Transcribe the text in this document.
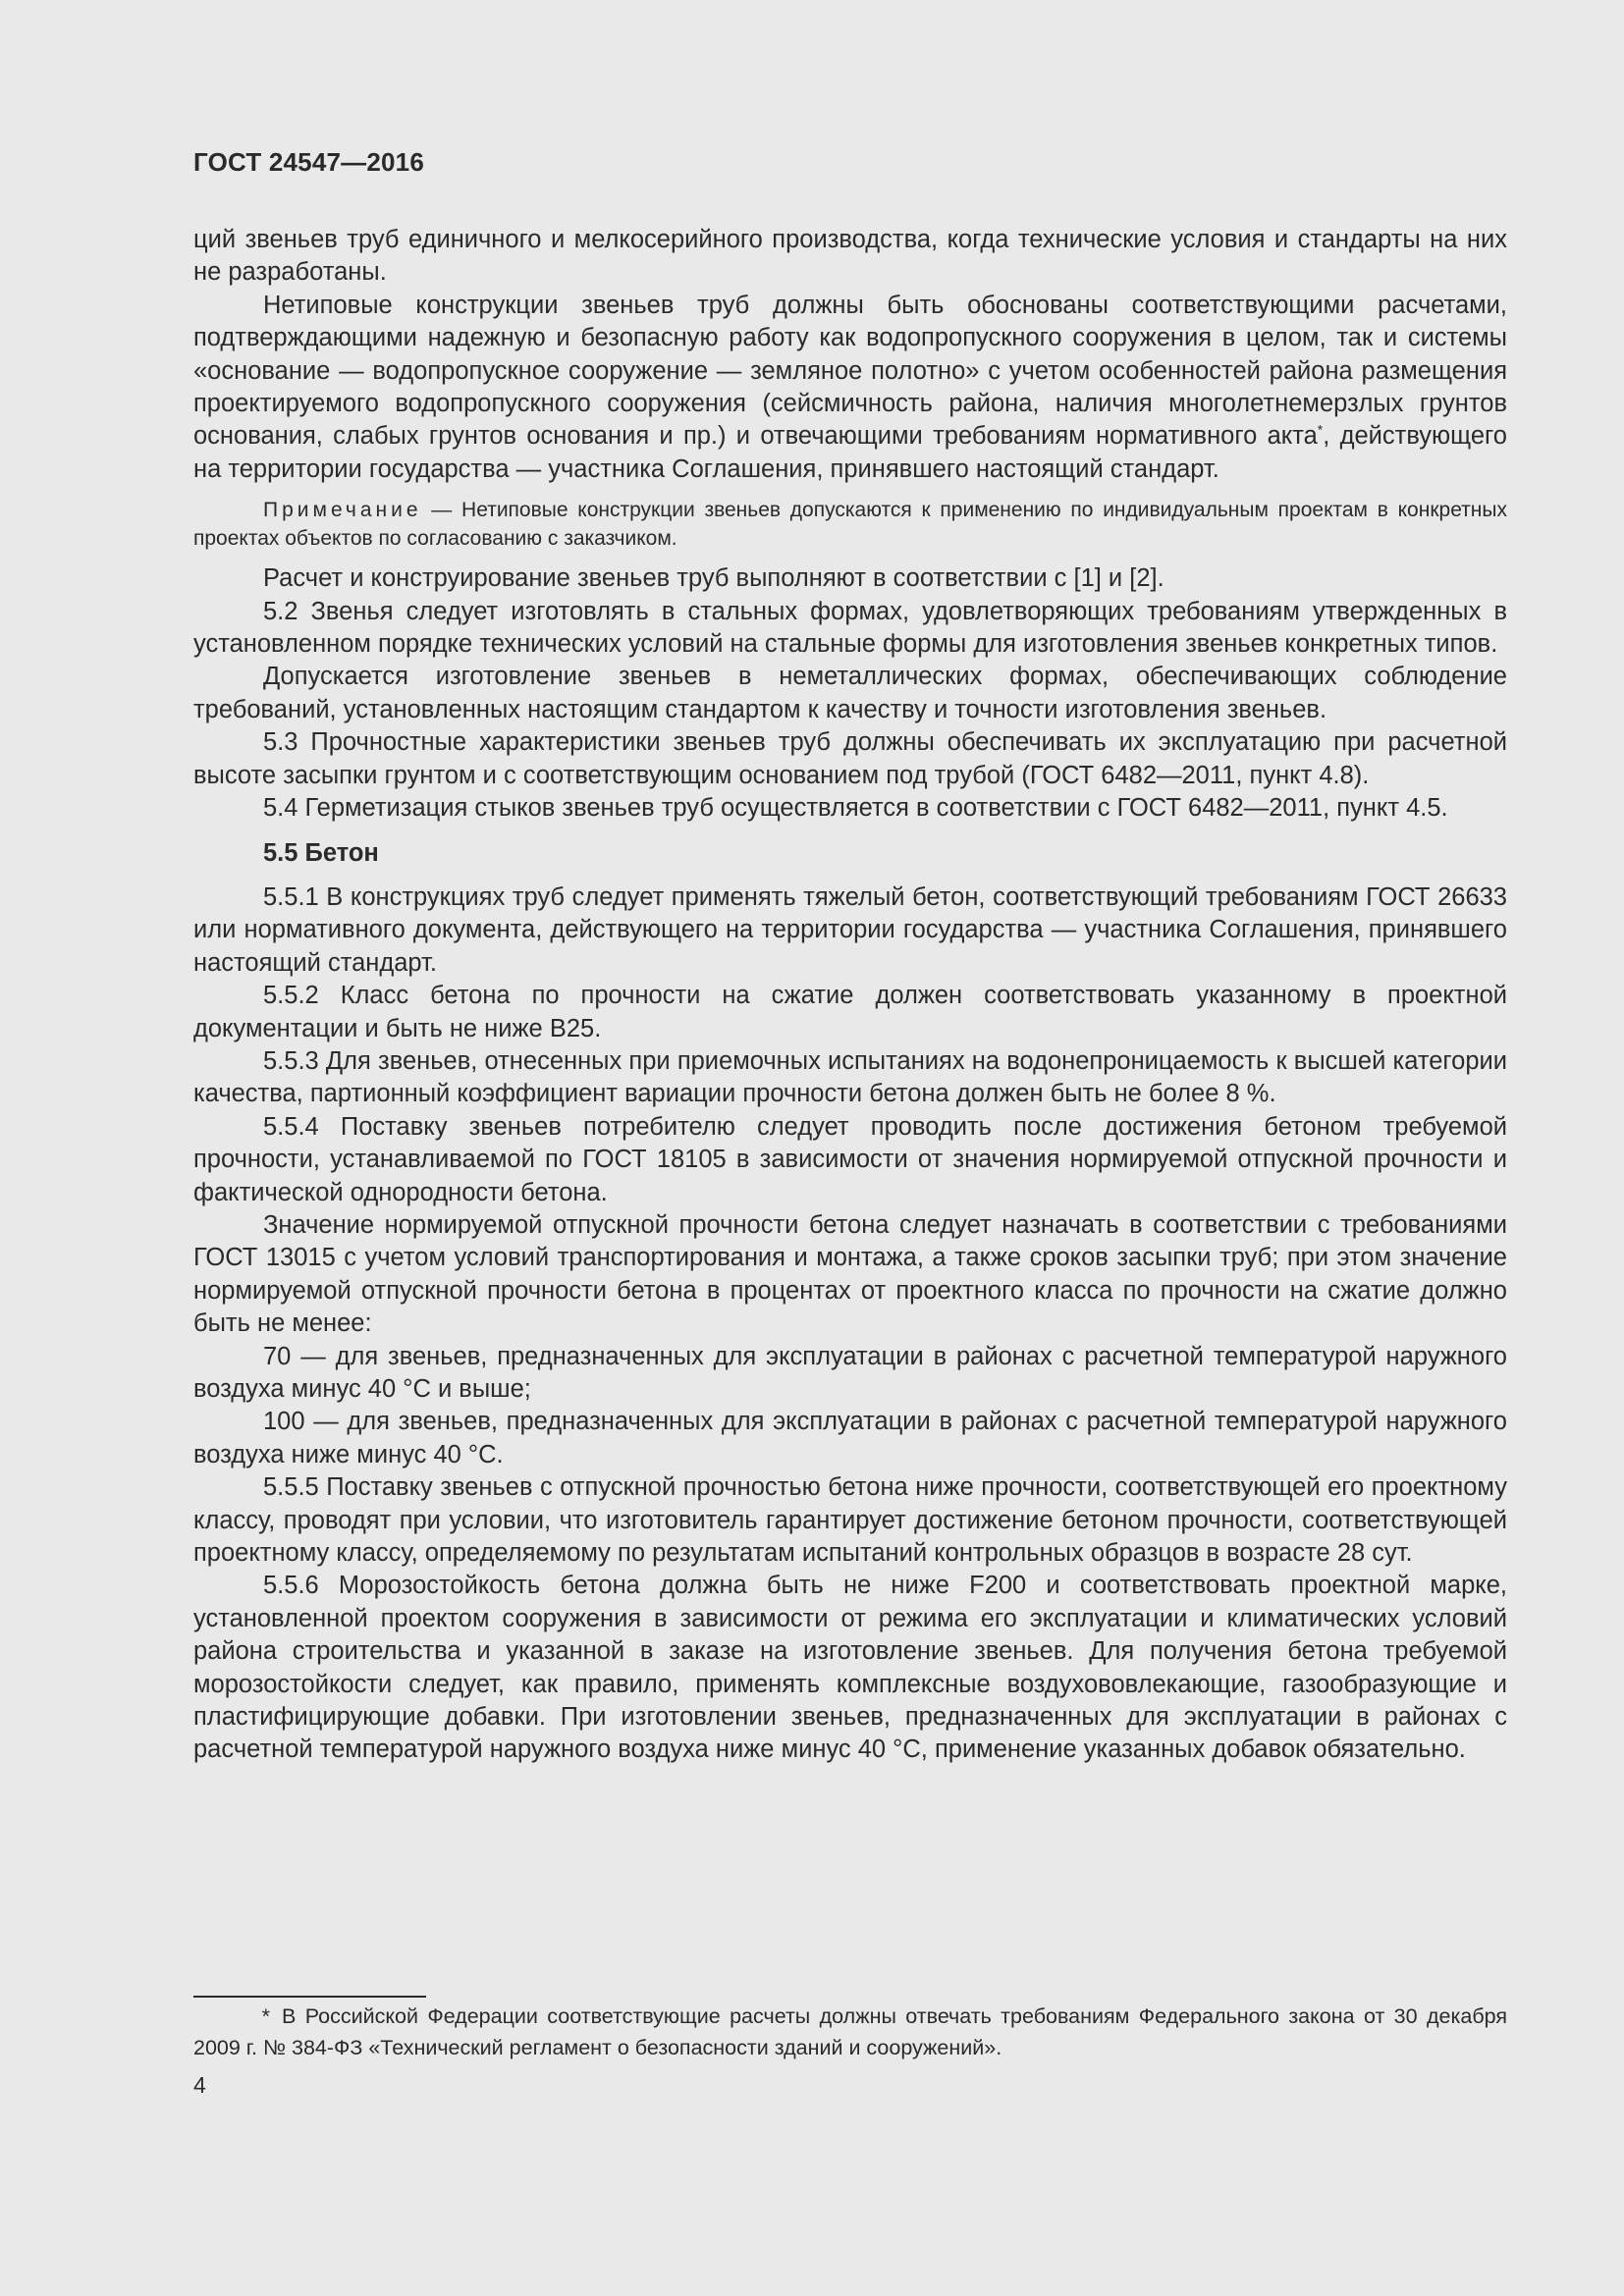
ГОСТ 24547—2016

ций звеньев труб единичного и мелкосерийного производства, когда технические условия и стандарты на них не разработаны.

Нетиповые конструкции звеньев труб должны быть обоснованы соответствующими расчетами, подтверждающими надежную и безопасную работу как водопропускного сооружения в целом, так и системы «основание — водопропускное сооружение — земляное полотно» с учетом особенностей района размещения проектируемого водопропускного сооружения (сейсмичность района, наличия многолетнемерзлых грунтов основания, слабых грунтов основания и пр.) и отвечающими требованиям нормативного акта*, действующего на территории государства — участника Соглашения, принявшего настоящий стандарт.

Примечание — Нетиповые конструкции звеньев допускаются к применению по индивидуальным проектам в конкретных проектах объектов по согласованию с заказчиком.

Расчет и конструирование звеньев труб выполняют в соответствии с [1] и [2].

5.2 Звенья следует изготовлять в стальных формах, удовлетворяющих требованиям утвержденных в установленном порядке технических условий на стальные формы для изготовления звеньев конкретных типов.

Допускается изготовление звеньев в неметаллических формах, обеспечивающих соблюдение требований, установленных настоящим стандартом к качеству и точности изготовления звеньев.

5.3 Прочностные характеристики звеньев труб должны обеспечивать их эксплуатацию при расчетной высоте засыпки грунтом и с соответствующим основанием под трубой (ГОСТ 6482—2011, пункт 4.8).

5.4 Герметизация стыков звеньев труб осуществляется в соответствии с ГОСТ 6482—2011, пункт 4.5.

5.5 Бетон

5.5.1 В конструкциях труб следует применять тяжелый бетон, соответствующий требованиям ГОСТ 26633 или нормативного документа, действующего на территории государства — участника Соглашения, принявшего настоящий стандарт.

5.5.2 Класс бетона по прочности на сжатие должен соответствовать указанному в проектной документации и быть не ниже В25.

5.5.3 Для звеньев, отнесенных при приемочных испытаниях на водонепроницаемость к высшей категории качества, партионный коэффициент вариации прочности бетона должен быть не более 8 %.

5.5.4 Поставку звеньев потребителю следует проводить после достижения бетоном требуемой прочности, устанавливаемой по ГОСТ 18105 в зависимости от значения нормируемой отпускной прочности и фактической однородности бетона.

Значение нормируемой отпускной прочности бетона следует назначать в соответствии с требованиями ГОСТ 13015 с учетом условий транспортирования и монтажа, а также сроков засыпки труб; при этом значение нормируемой отпускной прочности бетона в процентах от проектного класса по прочности на сжатие должно быть не менее:

70 — для звеньев, предназначенных для эксплуатации в районах с расчетной температурой наружного воздуха минус 40 °С и выше;

100 — для звеньев, предназначенных для эксплуатации в районах с расчетной температурой наружного воздуха ниже минус 40 °С.

5.5.5 Поставку звеньев с отпускной прочностью бетона ниже прочности, соответствующей его проектному классу, проводят при условии, что изготовитель гарантирует достижение бетоном прочности, соответствующей проектному классу, определяемому по результатам испытаний контрольных образцов в возрасте 28 сут.

5.5.6 Морозостойкость бетона должна быть не ниже F200 и соответствовать проектной марке, установленной проектом сооружения в зависимости от режима его эксплуатации и климатических условий района строительства и указанной в заказе на изготовление звеньев. Для получения бетона требуемой морозостойкости следует, как правило, применять комплексные воздухововлекающие, газообразующие и пластифицирующие добавки. При изготовлении звеньев, предназначенных для эксплуатации в районах с расчетной температурой наружного воздуха ниже минус 40 °С, применение указанных добавок обязательно.

* В Российской Федерации соответствующие расчеты должны отвечать требованиям Федерального закона от 30 декабря 2009 г. № 384-ФЗ «Технический регламент о безопасности зданий и сооружений».
4
